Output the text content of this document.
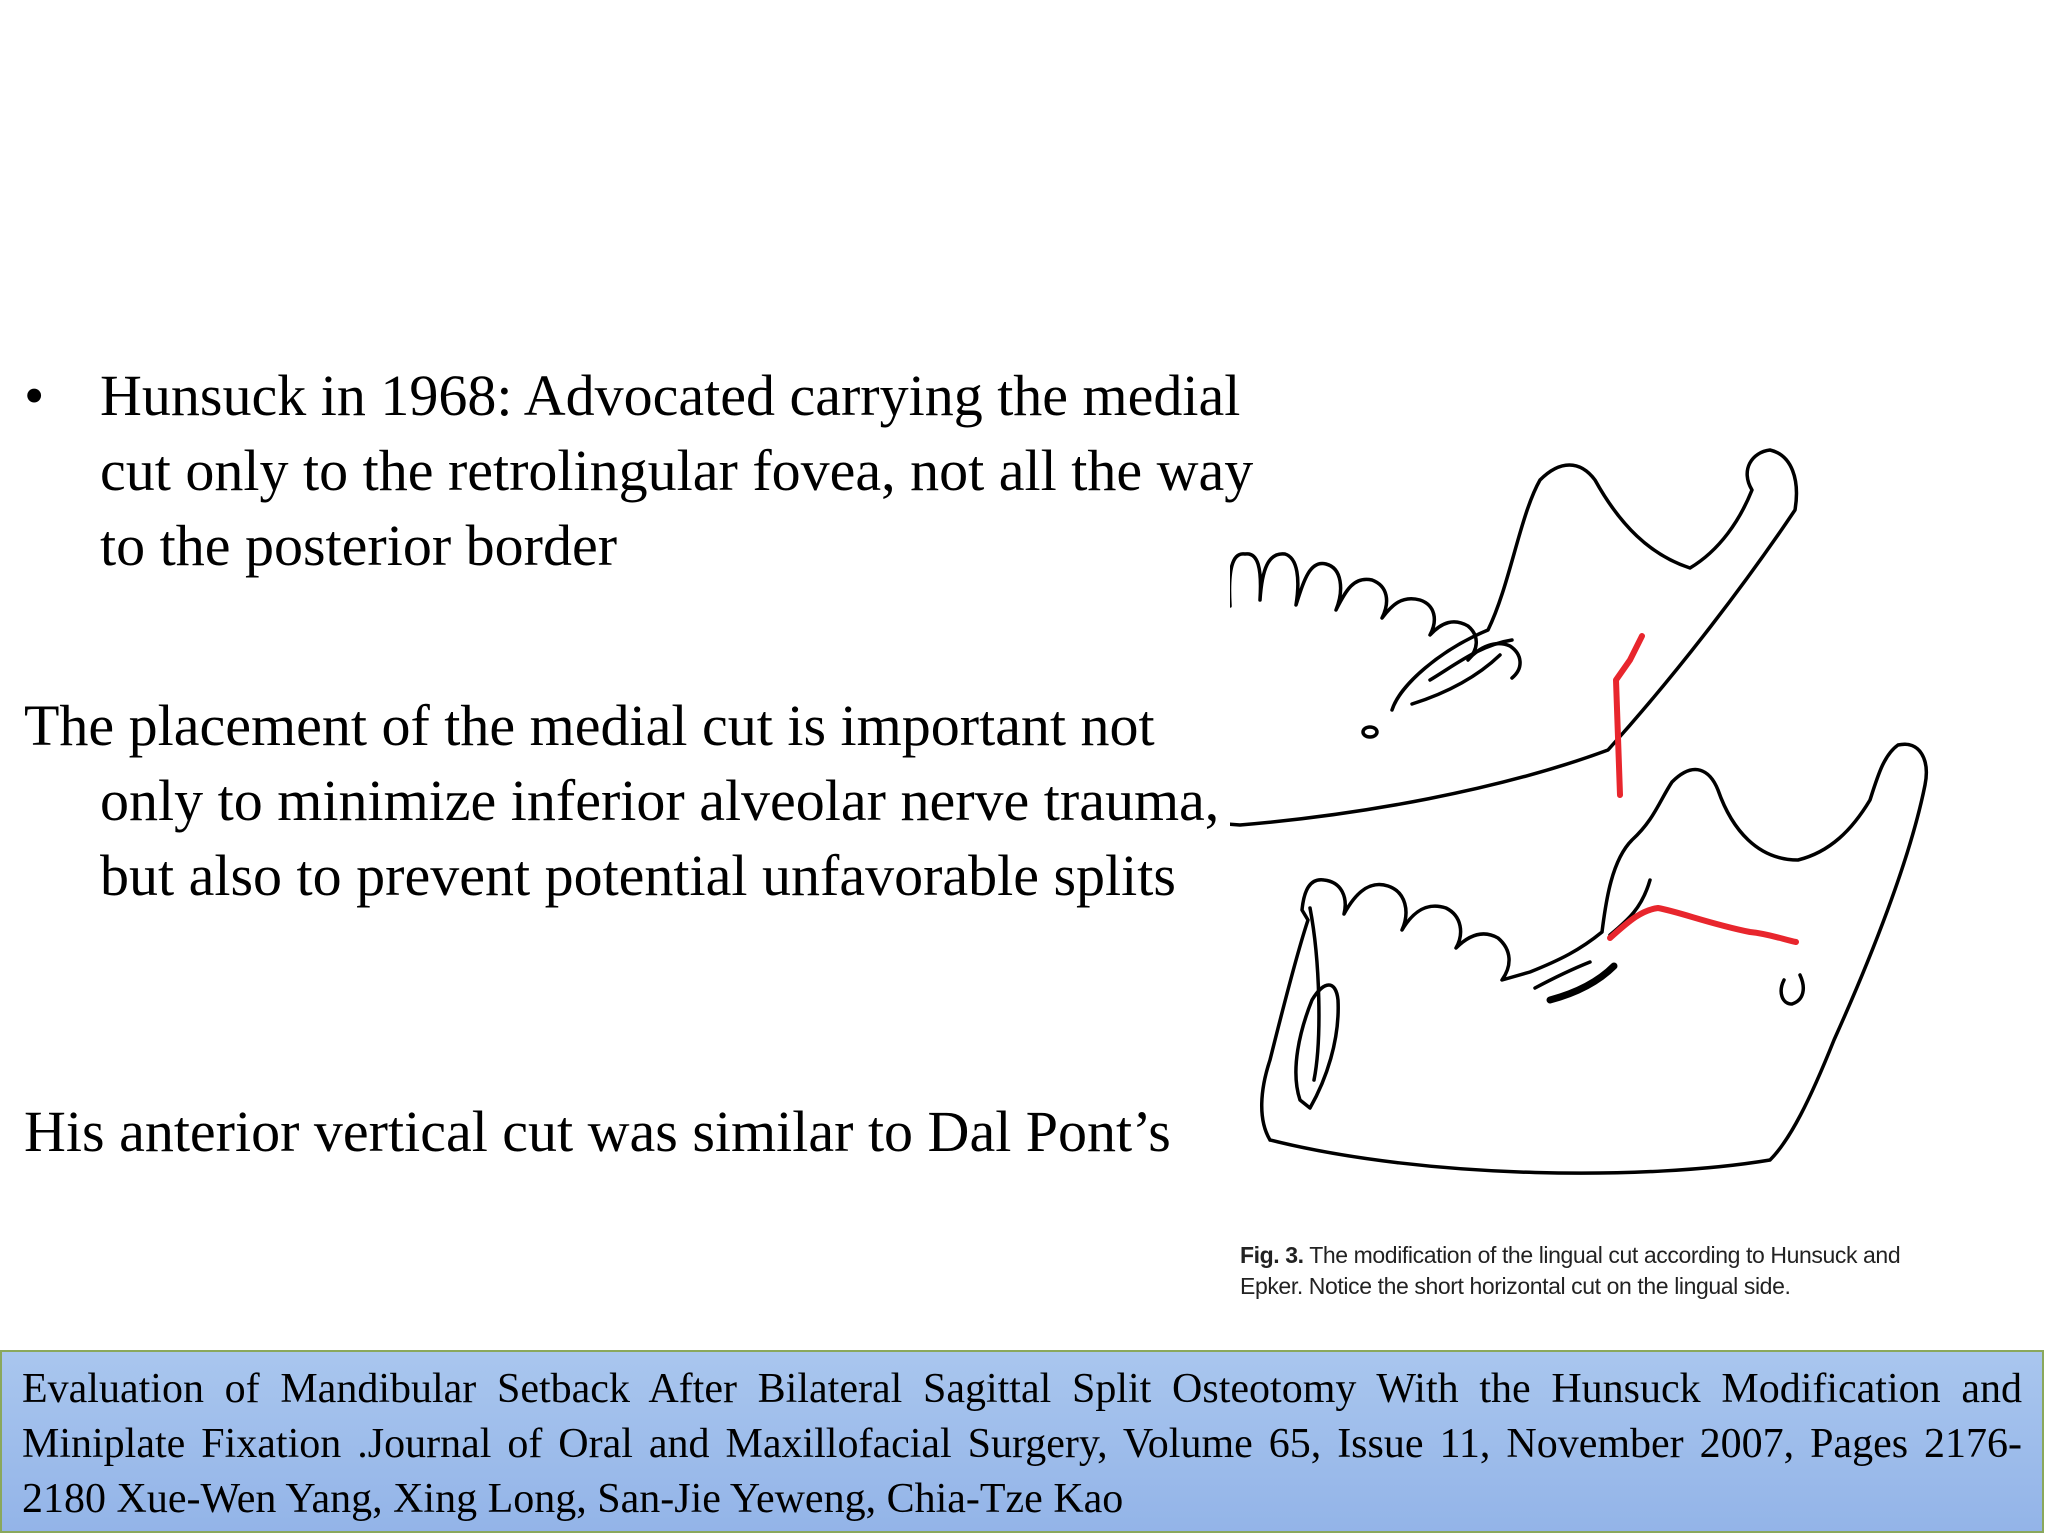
• Hunsuck in 1968: Advocated carrying the medial cut only to the retrolingular fovea, not all the way to the posterior border

The placement of the medial cut is important not only to minimize inferior alveolar nerve trauma, but also to prevent potential unfavorable splits

His anterior vertical cut was similar to Dal Pont’s

Fig. 3. The modification of the lingual cut according to Hunsuck and Epker. Notice the short horizontal cut on the lingual side.
Evaluation of Mandibular Setback After Bilateral Sagittal Split Osteotomy With the Hunsuck Modification and Miniplate Fixation .Journal of Oral and Maxillofacial Surgery, Volume 65, Issue 11, November 2007, Pages 2176-2180 Xue-Wen Yang, Xing Long, San-Jie Yeweng, Chia-Tze Kao
